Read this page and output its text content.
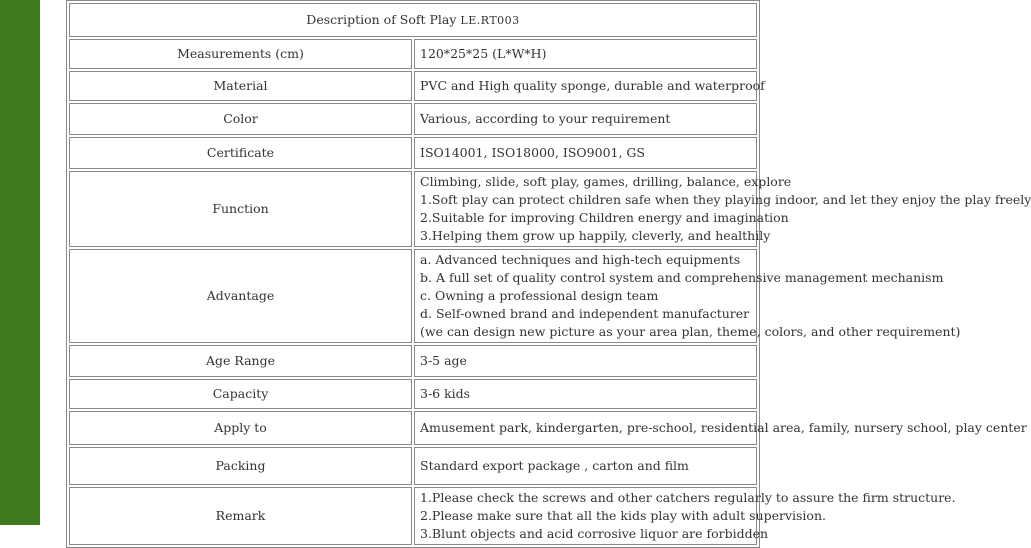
Description of Soft Play LE.RT003	
Measurements (cm)	120*25*25 (L*W*H)

Material	PVC and High quality sponge, durable and waterproof

Color	Various, according to your requirement

Certificate	ISO14001, ISO18000, ISO9001, GS

Function	Climbing, slide, soft play, games, drilling, balance, explore
1.Soft play can protect children safe when they playing indoor, and let they enjoy the play freely
2.Suitable for improving Children energy and imagination
3.Helping them grow up happily, cleverly, and healthily

Advantage	a. Advanced techniques and high-tech equipments
b. A full set of quality control system and comprehensive management mechanism
c. Owning a professional design team
d. Self-owned brand and independent manufacturer
(we can design new picture as your area plan, theme, colors, and other requirement)

Age Range	3-5 age

Capacity	3-6 kids

Apply to	Amusement park, kindergarten, pre-school, residential area, family, nursery school, play center

Packing	Standard export package , carton and film

Remark	1.Please check the screws and other catchers regularly to assure the firm structure.
2.Please make sure that all the kids play with adult supervision.
3.Blunt objects and acid corrosive liquor are forbidden
